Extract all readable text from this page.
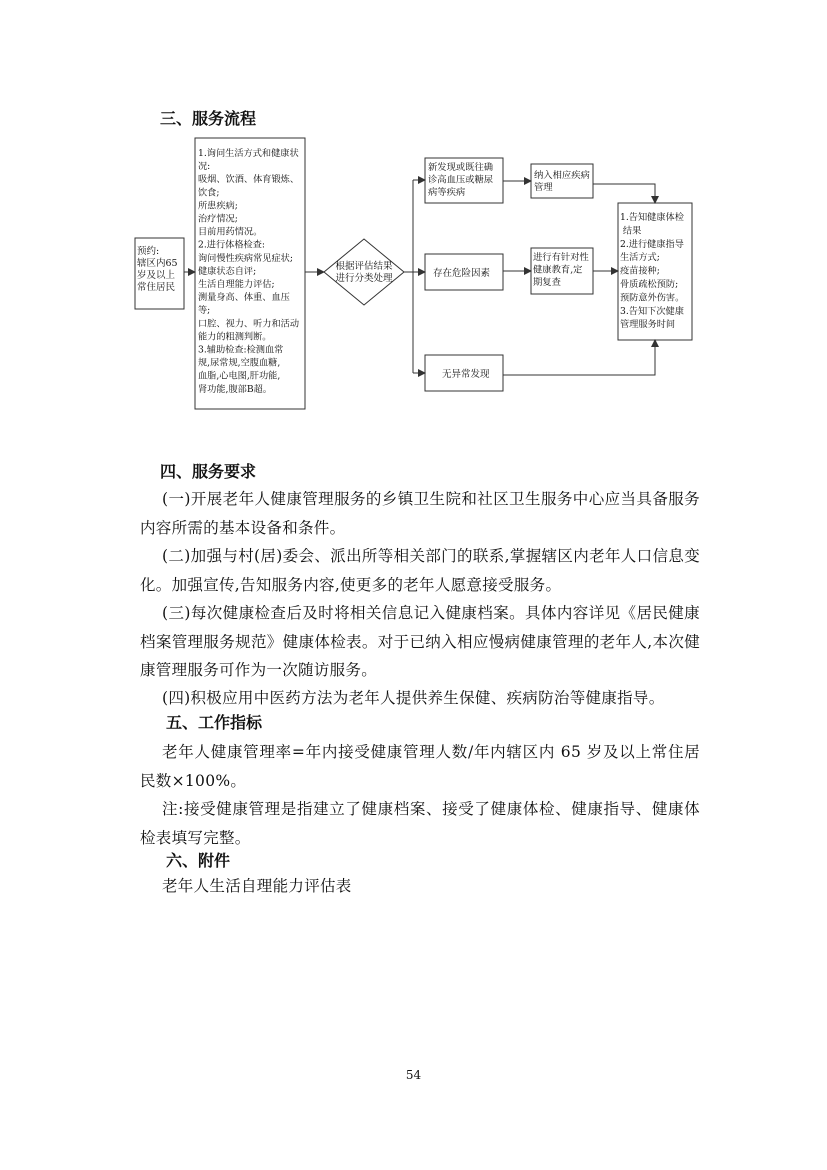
三、服务流程
预约:辖区内65 岁及以上常住居民
1.询问生活方式和健康状况:吸烟、饮酒、体育锻炼、饮食;所患疾病;治疗情况;目前用药情况。 2.进行体格检查:询问慢性疾病常见症状;健康状态自评;生活自理能力评估;测量身高、体重、血压等;口腔、视力、听力和活动能力的粗测判断。 3.辅助检查:检测血常规,尿常规,空腹血糖,血脂,心电图,肝功能,肾功能,腹部B超。
根据评估结果进行分类处理
新发现或既往确诊高血压或糖尿病等疾病
纳入相应疾病管理
存在危险因素
进行有针对性健康教育,定期复查
无异常发现
1.告知健康体检 结果 2.进行健康指导生活方式;疫苗接种;骨质疏松预防;预防意外伤害。 3.告知下次健康管理服务时间
四、服务要求
(一)开展老年人健康管理服务的乡镇卫生院和社区卫生服务中心应当具备服务内容所需的基本设备和条件。
(二)加强与村(居)委会、派出所等相关部门的联系,掌握辖区内老年人口信息变化。加强宣传,告知服务内容,使更多的老年人愿意接受服务。
(三)每次健康检查后及时将相关信息记入健康档案。具体内容详见《居民健康档案管理服务规范》健康体检表。对于已纳入相应慢病健康管理的老年人,本次健康管理服务可作为一次随访服务。
(四)积极应用中医药方法为老年人提供养生保健、疾病防治等健康指导。
五、工作指标
老年人健康管理率=年内接受健康管理人数/年内辖区内 65 岁及以上常住居民数×100%。
注:接受健康管理是指建立了健康档案、接受了健康体检、健康指导、健康体检表填写完整。
六、附件
老年人生活自理能力评估表
54
